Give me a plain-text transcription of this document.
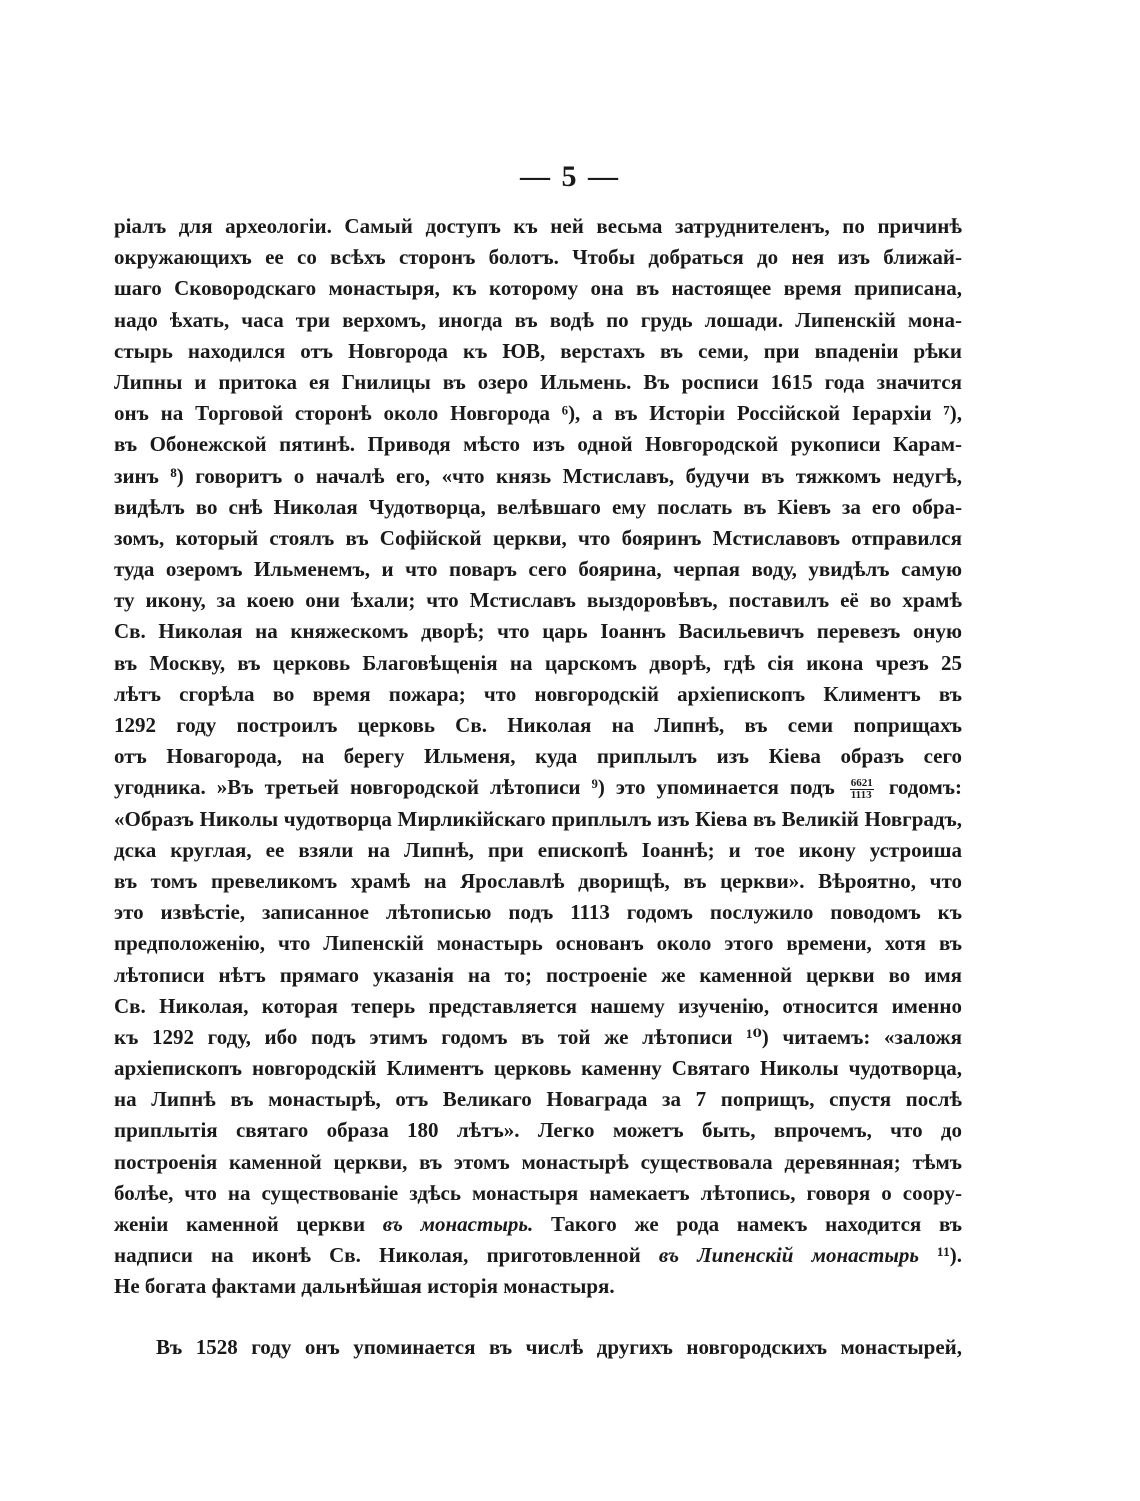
— 5 —
ріалъ для археологіи. Самый доступъ къ ней весьма затруднителенъ, по причинѣ
окружающихъ ее со всѣхъ сторонъ болотъ. Чтобы добраться до нея изъ ближай-
шаго Сковородскаго монастыря, къ которому она въ настоящее время приписана,
надо ѣхать, часа три верхомъ, иногда въ водѣ по грудь лошади. Липенскій мона-
стырь находился отъ Новгорода къ ЮВ, верстахъ въ семи, при впаденіи рѣки
Липны и притока ея Гнилицы въ озеро Ильмень. Въ росписи 1615 года значится
онъ на Торговой сторонѣ около Новгорода ⁶), а въ Исторіи Россійской Іерархіи ⁷),
въ Обонежской пятинѣ. Приводя мѣсто изъ одной Новгородской рукописи Карам-
зинъ ⁸) говоритъ о началѣ его, «что князь Мстиславъ, будучи въ тяжкомъ недугѣ,
видѣлъ во снѣ Николая Чудотворца, велѣвшаго ему послать въ Кіевъ за его обра-
зомъ, который стоялъ въ Софійской церкви, что бояринъ Мстиславовъ отправился
туда озеромъ Ильменемъ, и что поваръ сего боярина, черпая воду, увидѣлъ самую
ту икону, за коею они ѣхали; что Мстиславъ выздоровѣвъ, поставилъ её во храмѣ
Св. Николая на княжескомъ дворѣ; что царь Іоаннъ Васильевичъ перевезъ оную
въ Москву, въ церковь Благовѣщенія на царскомъ дворѣ, гдѣ сія икона чрезъ 25
лѣтъ сгорѣла во время пожара; что новгородскій архіепископъ Климентъ въ
1292 году построилъ церковь Св. Николая на Липнѣ, въ семи поприщахъ
отъ Новагорода, на берегу Ильменя, куда приплылъ изъ Кіева образъ сего
угодника. »Въ третьей новгородской лѣтописи ⁹) это упоминается подъ $\frac{6621}{1113}$ годомъ:
«Образъ Николы чудотворца Мирликійскаго приплылъ изъ Кіева въ Великій Новградъ,
дска круглая, ее взяли на Липнѣ, при епископѣ Іоаннѣ; и тое икону устроиша
въ томъ превеликомъ храмѣ на Ярославлѣ дворищѣ, въ церкви». Вѣроятно, что
это извѣстіе, записанное лѣтописью подъ 1113 годомъ послужило поводомъ къ
предположенію, что Липенскій монастырь основанъ около этого времени, хотя въ
лѣтописи нѣтъ прямаго указанія на то; построеніе же каменной церкви во имя
Св. Николая, которая теперь представляется нашему изученію, относится именно
къ 1292 году, ибо подъ этимъ годомъ въ той же лѣтописи ¹⁰) читаемъ: «заложя
архіепископъ новгородскій Климентъ церковь каменну Святаго Николы чудотворца,
на Липнѣ въ монастырѣ, отъ Великаго Новаграда за 7 поприщъ, спустя послѣ
приплытія святаго образа 180 лѣтъ». Легко можетъ быть, впрочемъ, что до
построенія каменной церкви, въ этомъ монастырѣ существовала деревянная; тѣмъ
болѣе, что на существованіе здѣсь монастыря намекаетъ лѣтопись, говоря о соору-
женіи каменной церкви въ монастырь. Такого же рода намекъ находится въ
надписи на иконѣ Св. Николая, приготовленной въ Липенскій монастырь ¹¹).
Не богата фактами дальнѣйшая исторія монастыря.
Въ 1528 году онъ упоминается въ числѣ другихъ новгородскихъ монастырей,
